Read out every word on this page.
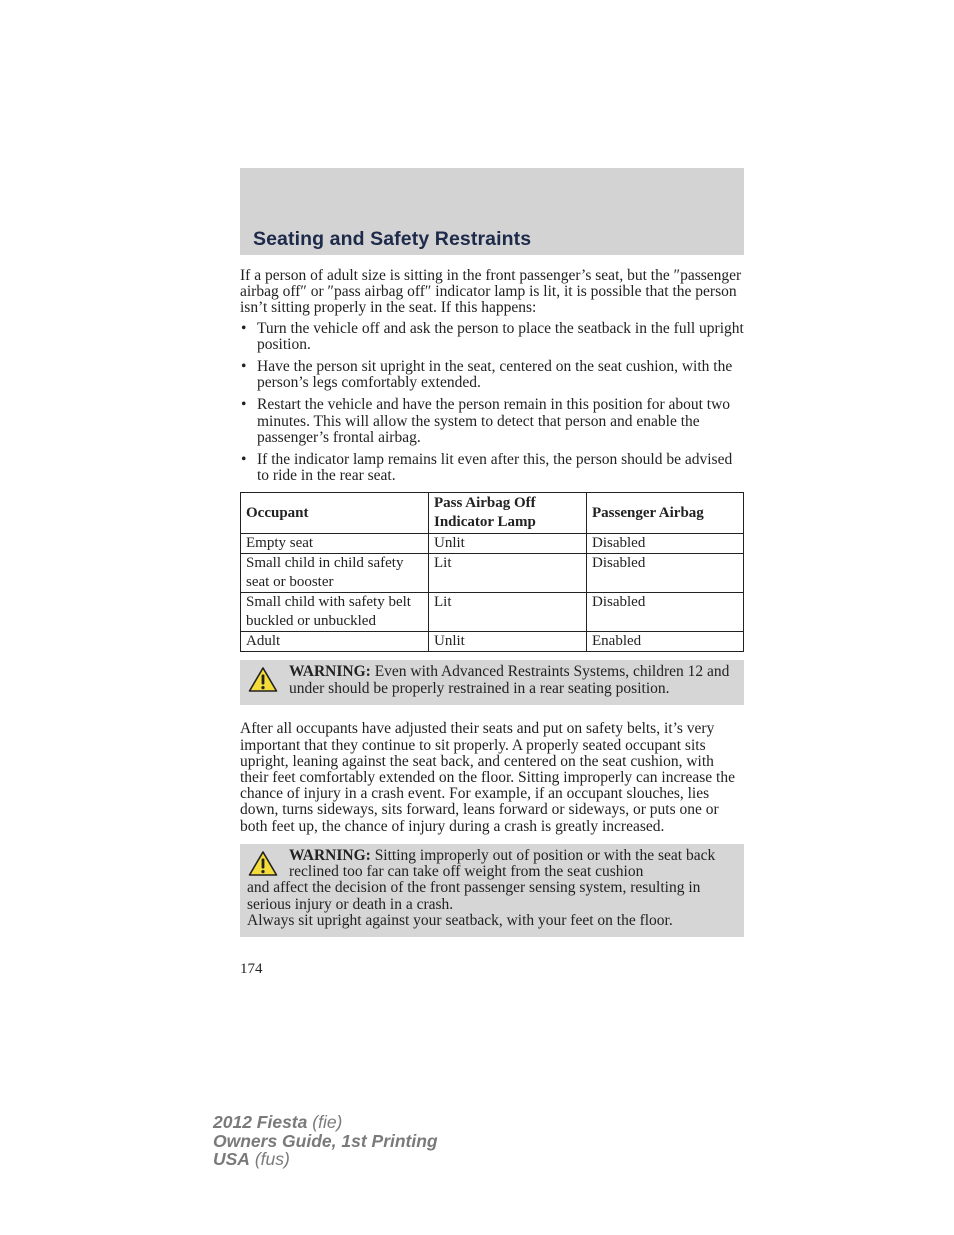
Seating and Safety Restraints

If a person of adult size is sitting in the front passenger’s seat, but the ″passenger airbag off″ or ″pass airbag off″ indicator lamp is lit, it is possible that the person isn’t sitting properly in the seat. If this happens:

• Turn the vehicle off and ask the person to place the seatback in the full upright position.
• Have the person sit upright in the seat, centered on the seat cushion, with the person’s legs comfortably extended.
• Restart the vehicle and have the person remain in this position for about two minutes. This will allow the system to detect that person and enable the passenger’s frontal airbag.
• If the indicator lamp remains lit even after this, the person should be advised to ride in the rear seat.
Occupant	Pass Airbag Off Indicator Lamp	Passenger Airbag
Empty seat	Unlit	Disabled
Small child in child safety seat or booster	Lit	Disabled
Small child with safety belt buckled or unbuckled	Lit	Disabled
Adult	Unlit	Enabled
WARNING: Even with Advanced Restraints Systems, children 12 and under should be properly restrained in a rear seating position.

After all occupants have adjusted their seats and put on safety belts, it’s very important that they continue to sit properly. A properly seated occupant sits upright, leaning against the seat back, and centered on the seat cushion, with their feet comfortably extended on the floor. Sitting improperly can increase the chance of injury in a crash event. For example, if an occupant slouches, lies down, turns sideways, sits forward, leans forward or sideways, or puts one or both feet up, the chance of injury during a crash is greatly increased.

WARNING: Sitting improperly out of position or with the seat back reclined too far can take off weight from the seat cushion
and affect the decision of the front passenger sensing system, resulting in serious injury or death in a crash.
Always sit upright against your seatback, with your feet on the floor.
174
2012 Fiesta (fie)
Owners Guide, 1st Printing
USA (fus)
